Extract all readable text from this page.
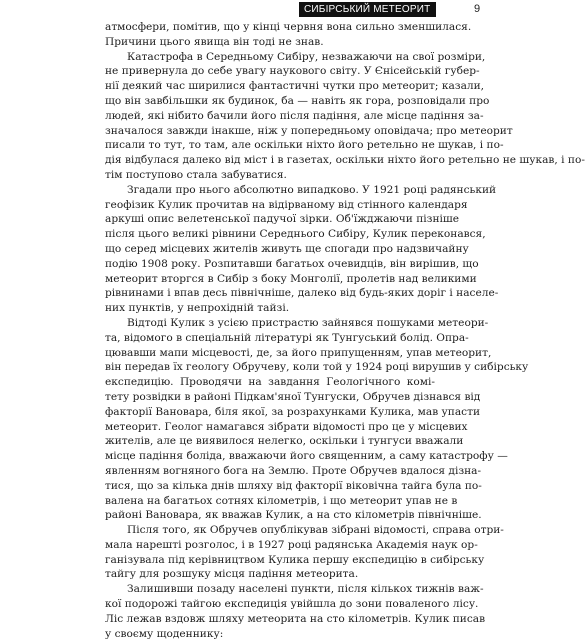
СИБІРСЬКИЙ МЕТЕОРИТ	9
атмосфери, помітив, що у кінці червня вона сильно зменшилася.
Причини цього явища він тоді не знав.
Катастрофа в Середньому Сибіру, незважаючи на свої розміри,
не привернула до себе увагу наукового світу. У Єнісейській губер-
нії деякий час ширилися фантастичні чутки про метеорит; казали,
що він завбільшки як будинок, ба — навіть як гора, розповідали про
людей, які нібито бачили його після падіння, але місце падіння за-
значалося завжди інакше, ніж у попередньому оповідача; про метеорит
писали то тут, то там, але оскільки ніхто його ретельно не шукав, і по-
дія відбулася далеко від міст і в газетах, оскільки ніхто його ретельно не шукав, і по-
тім поступово стала забуватися.
Згадали про нього абсолютно випадково. У 1921 році радянський
геофізик Кулик прочитав на відірваному від стінного календаря
аркуші опис велетенської падучої зірки. Об'їжджаючи пізніше
після цього великі рівнини Середнього Сибіру, Кулик переконався,
що серед місцевих жителів живуть ще спогади про надзвичайну
подію 1908 року. Розпитавши багатьох очевидців, він вирішив, що
метеорит вторгся в Сибір з боку Монголії, пролетів над великими
рівнинами і впав десь північніше, далеко від будь-яких доріг і населе-
них пунктів, у непрохідній тайзі.
Відтоді Кулик з усією пристрастю зайнявся пошуками метеори-
та, відомого в спеціальній літературі як Тунгуський болід. Опра-
цювавши мапи місцевості, де, за його припущенням, упав метеорит,
він передав їх геологу Обручеву, коли той у 1924 році вирушив у сибірську
експедицію. Проводячи на завдання Геологічного комі-
тету розвідки в районі Підкам'яної Тунгуски, Обручев дізнався від
факторії Вановара, біля якої, за розрахунками Кулика, мав упасти
метеорит. Геолог намагався зібрати відомості про це у місцевих
жителів, але це виявилося нелегко, оскільки і тунгуси вважали
місце падіння боліда, вважаючи його священним, а саму катастрофу —
явленням вогняного бога на Землю. Проте Обручев вдалося дізна-
тися, що за кілька днів шляху від факторії віковічна тайга була по-
валена на багатьох сотнях кілометрів, і що метеорит упав не в
районі Вановара, як вважав Кулик, а на сто кілометрів північніше.
Після того, як Обручев опублікував зібрані відомості, справа отри-
мала нарешті розголос, і в 1927 році радянська Академія наук ор-
ганізувала під керівництвом Кулика першу експедицію в сибірську
тайгу для розшуку місця падіння метеорита.
Залишивши позаду населені пункти, після кількох тижнів важ-
кої подорожі тайгою експедиція увійшла до зони поваленого лісу.
Ліс лежав вздовж шляху метеорита на сто кілометрів. Кулик писав
у своєму щоденнику:
